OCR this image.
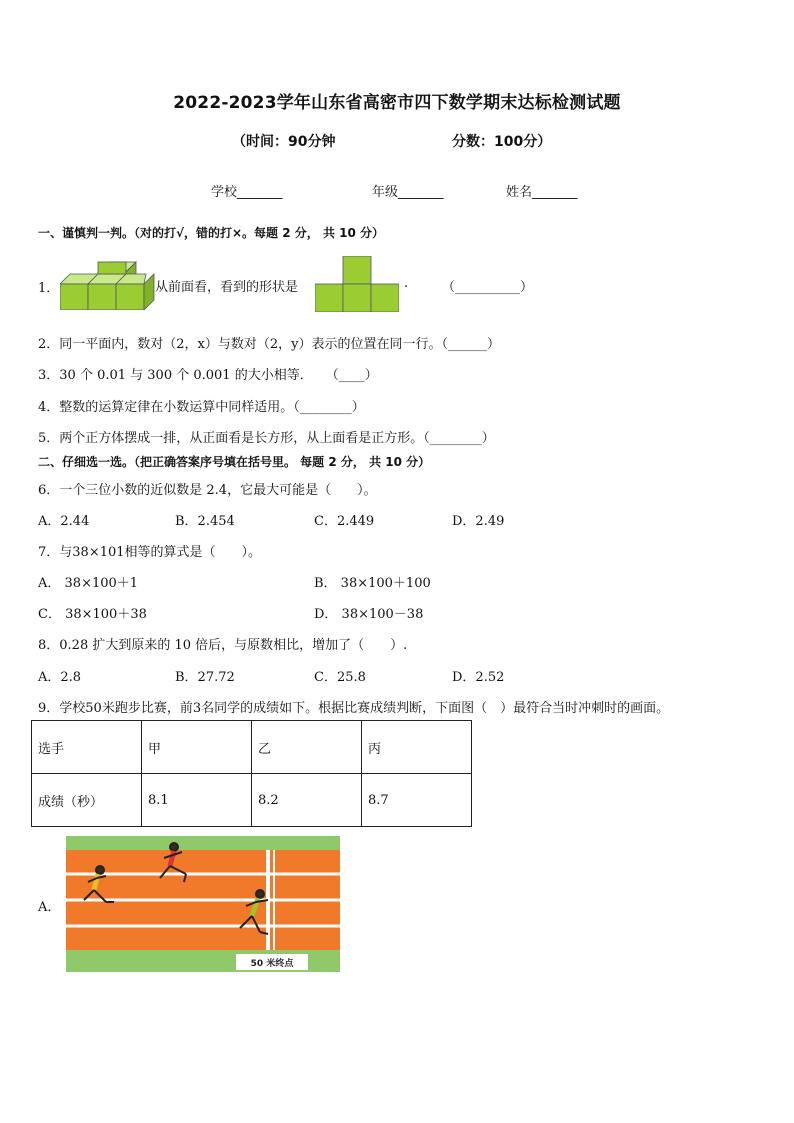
2022-2023学年山东省高密市四下数学期末达标检测试题
（时间：90分钟	分数：100分）
学校_______	年级_______	姓名_______
一、谨慎判一判。（对的打√，错的打×。每题 2 分， 共 10 分）
1．	从前面看，看到的形状是	.	（__________）
2．同一平面内，数对（2，x）与数对（2，y）表示的位置在同一行。（______）
3．30 个 0.01 与 300 个 0.001 的大小相等．　　（____）
4．整数的运算定律在小数运算中同样适用。（________）
5．两个正方体摆成一排，从正面看是长方形，从上面看是正方形。（________）
二、仔细选一选。（把正确答案序号填在括号里。 每题 2 分， 共 10 分）
6．一个三位小数的近似数是 2.4，它最大可能是（　　）。
A．2.44	B．2.454	C．2.449	D．2.49
7．与38×101相等的算式是（　　）。
A． 38×100＋1	B． 38×100＋100
C． 38×100＋38	D． 38×100－38
8．0.28 扩大到原来的 10 倍后，与原数相比，增加了（　　）.
A．2.8	B．27.72	C．25.8	D．2.52
9．学校50米跑步比赛，前3名同学的成绩如下。根据比赛成绩判断，下面图（　）最符合当时冲刺时的画面。
选手	甲	乙	丙
成绩（秒）	8.1	8.2	8.7
A．
50 米终点
